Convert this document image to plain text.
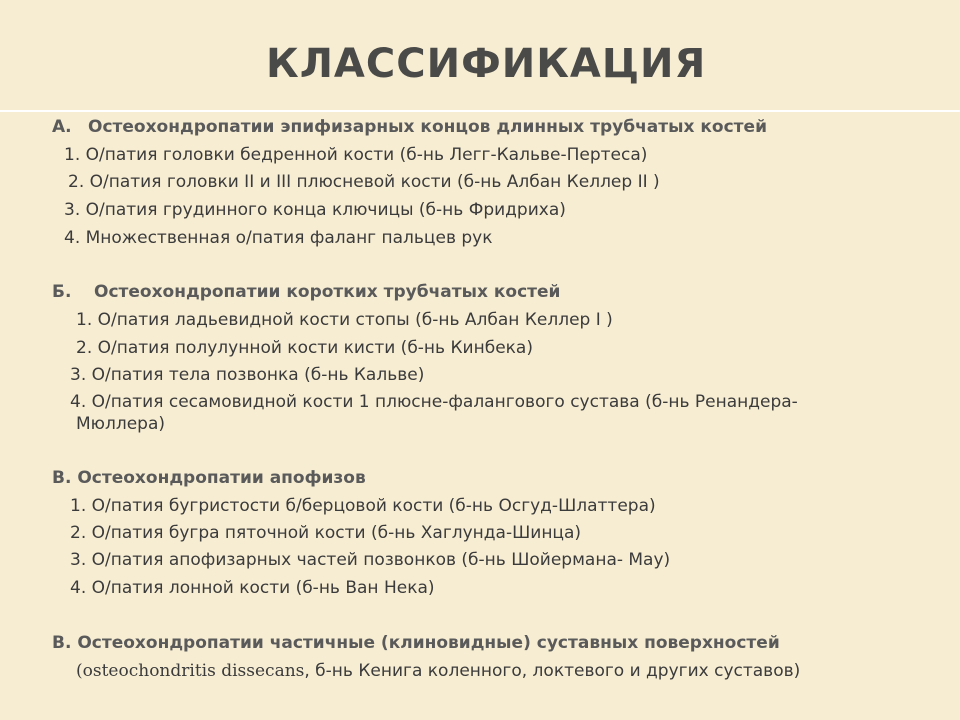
КЛАССИФИКАЦИЯ
А. Остеохондропатии эпифизарных концов длинных трубчатых костей
1. О/патия головки бедренной кости (б-нь Легг-Кальве-Пертеса)
2. О/патия головки II и III плюсневой кости (б-нь Албан Келлер II )
3. О/патия грудинного конца ключицы (б-нь Фридриха)
4. Множественная о/патия фаланг пальцев рук
Б. Остеохондропатии коротких трубчатых костей
1. О/патия ладьевидной кости стопы (б-нь Албан Келлер I )
2. О/патия полулунной кости кисти (б-нь Кинбека)
3. О/патия тела позвонка (б-нь Кальве)
4. О/патия сесамовидной кости 1 плюсне-фалангового сустава (б-нь Ренандера-
Мюллера)
В. Остеохондропатии апофизов
1. О/патия бугристости б/берцовой кости (б-нь Осгуд-Шлаттера)
2. О/патия бугра пяточной кости (б-нь Хаглунда-Шинца)
3. О/патия апофизарных частей позвонков (б-нь Шойермана- Мау)
4. О/патия лонной кости (б-нь Ван Нека)
В. Остеохондропатии частичные (клиновидные) суставных поверхностей
(osteochondritis dissecans, б-нь Кенига коленного, локтевого и других суставов)
